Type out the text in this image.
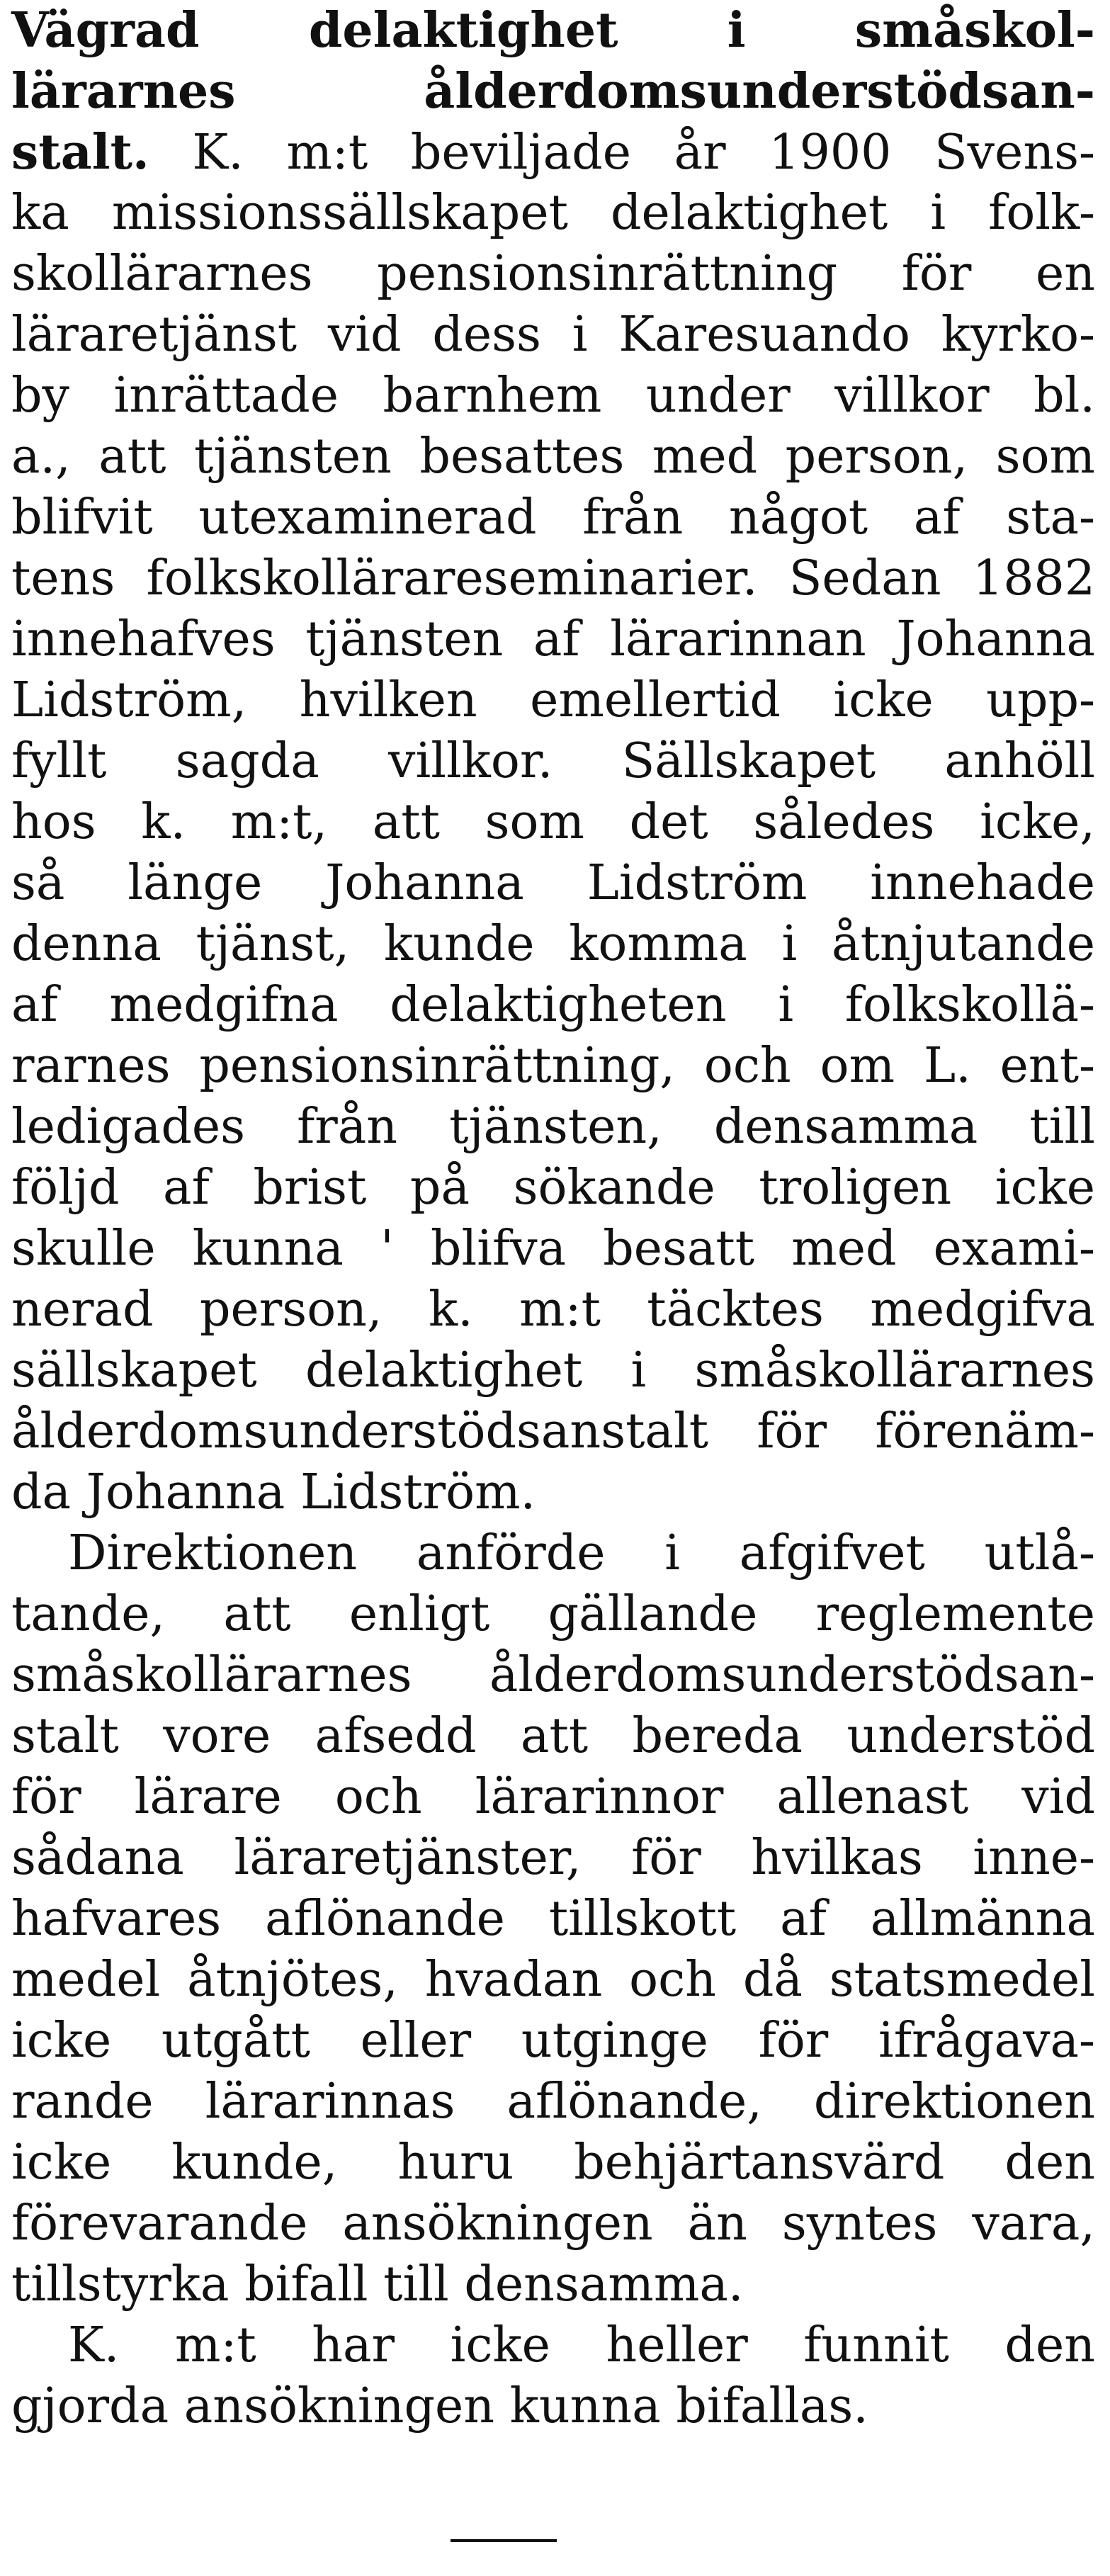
Vägrad delaktighet i småskol-
lärarnes ålderdomsunderstödsan-
stalt. K. m:t beviljade år 1900 Svens-
ka missionssällskapet delaktighet i folk-
skollärarnes pensionsinrättning för en
läraretjänst vid dess i Karesuando kyrko-
by inrättade barnhem under villkor bl.
a., att tjänsten besattes med person, som
blifvit utexaminerad från något af sta-
tens folkskollärareseminarier. Sedan 1882
innehafves tjänsten af lärarinnan Johanna
Lidström, hvilken emellertid icke upp-
fyllt sagda villkor. Sällskapet anhöll
hos k. m:t, att som det således icke,
så länge Johanna Lidström innehade
denna tjänst, kunde komma i åtnjutande
af medgifna delaktigheten i folkskollä-
rarnes pensionsinrättning, och om L. ent-
ledigades från tjänsten, densamma till
följd af brist på sökande troligen icke
skulle kunna ' blifva besatt med exami-
nerad person, k. m:t täcktes medgifva
sällskapet delaktighet i småskollärarnes
ålderdomsunderstödsanstalt för förenäm-
da Johanna Lidström.
Direktionen anförde i afgifvet utlå-
tande, att enligt gällande reglemente
småskollärarnes ålderdomsunderstödsan-
stalt vore afsedd att bereda understöd
för lärare och lärarinnor allenast vid
sådana läraretjänster, för hvilkas inne-
hafvares aflönande tillskott af allmänna
medel åtnjötes, hvadan och då statsmedel
icke utgått eller utginge för ifrågava-
rande lärarinnas aflönande, direktionen
icke kunde, huru behjärtansvärd den
förevarande ansökningen än syntes vara,
tillstyrka bifall till densamma.
K. m:t har icke heller funnit den
gjorda ansökningen kunna bifallas.
